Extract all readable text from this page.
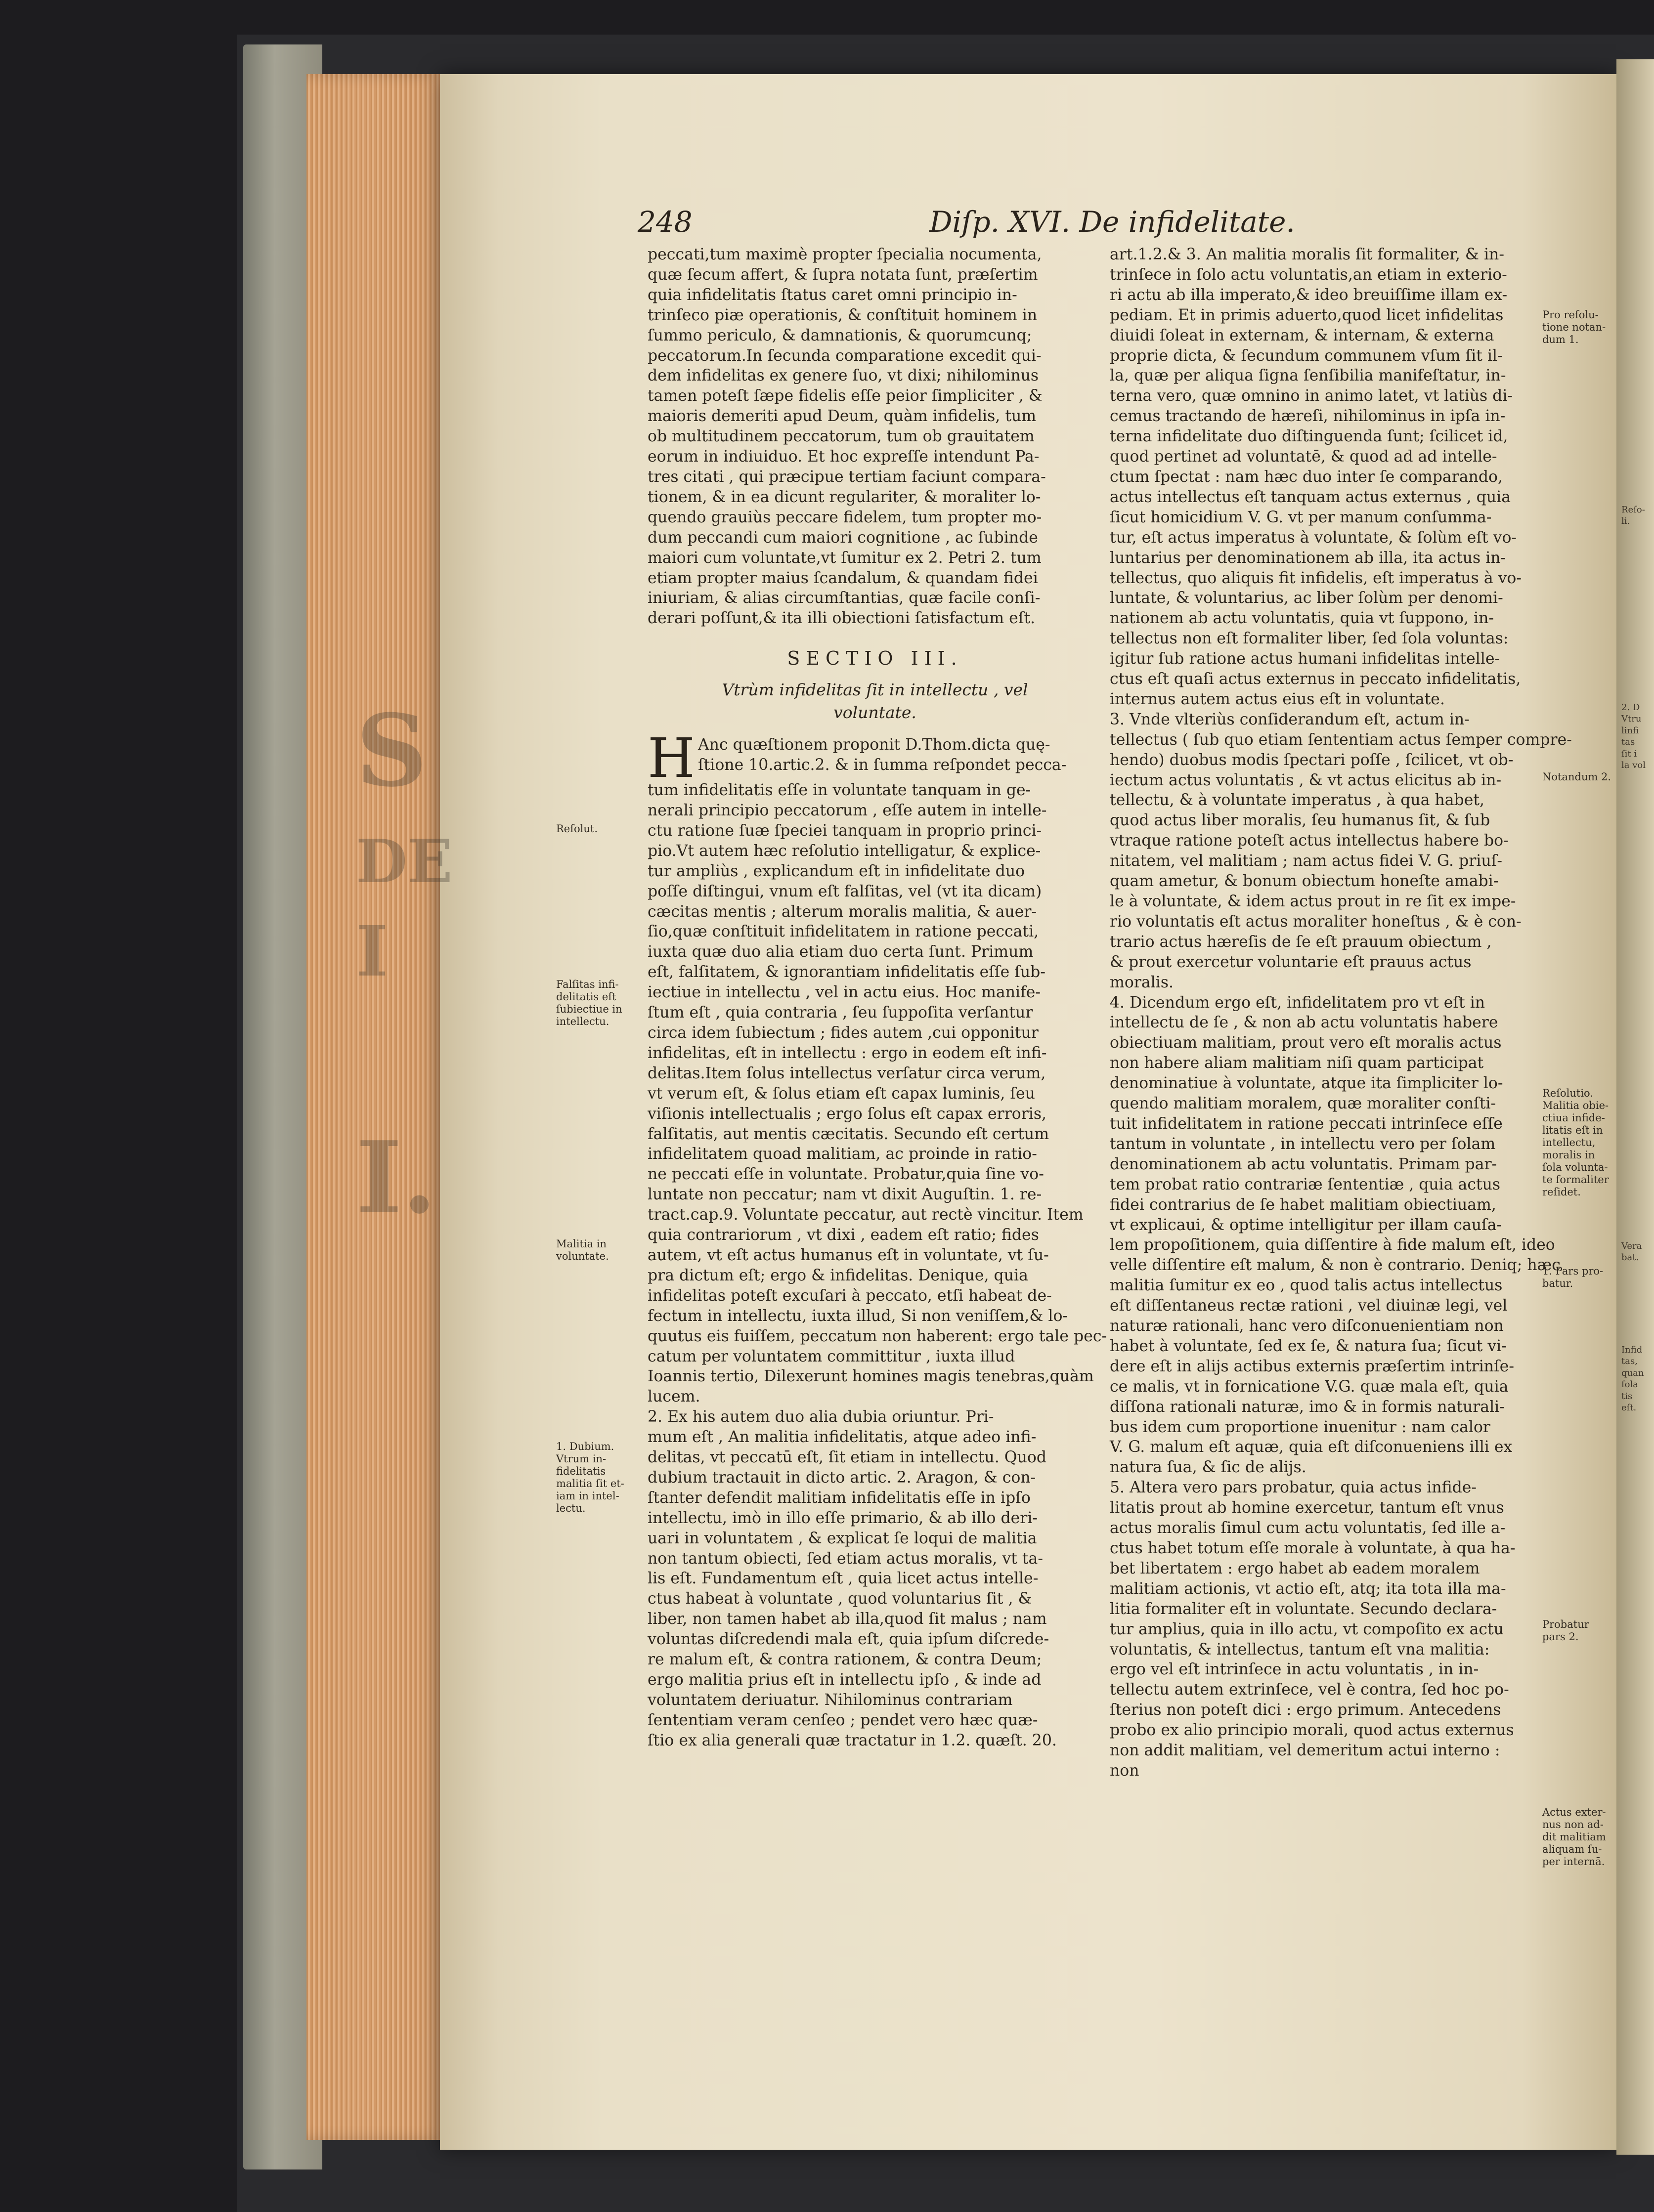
S
DE
I
I.
Reſo-
li.
2. D
Vtru
linfi
tas
ſit i
la vol
Vera
bat.
Infid
tas,
quan
ſola
tis
eſt.
248	Diſp. XVI. De infidelitate.
peccati,tum maximè propter ſpecialia nocumenta,
quæ ſecum affert, & ſupra notata ſunt, præſertim
quia infidelitatis ſtatus caret omni principio in-
trinſeco piæ operationis, & conſtituit hominem in
ſummo periculo, & damnationis, & quorumcunq;
peccatorum.In ſecunda comparatione excedit qui-
dem infidelitas ex genere ſuo, vt dixi; nihilominus
tamen poteſt ſæpe fidelis eſſe peior ſimpliciter , &
maioris demeriti apud Deum, quàm infidelis, tum
ob multitudinem peccatorum, tum ob grauitatem
eorum in indiuiduo. Et hoc expreſſe intendunt Pa-
tres citati , qui præcipue tertiam faciunt compara-
tionem, & in ea dicunt regulariter, & moraliter lo-
quendo grauiùs peccare fidelem, tum propter mo-
dum peccandi cum maiori cognitione , ac ſubinde
maiori cum voluntate,vt ſumitur ex 2. Petri 2. tum
etiam propter maius ſcandalum, & quandam fidei
iniuriam, & alias circumſtantias, quæ facile conſi-
derari poſſunt,& ita illi obiectioni ſatisfactum eſt.
SECTIO III.
Vtrùm infidelitas ſit in intellectu , vel
voluntate.
H Anc quæſtionem proponit D.Thom.dicta quę-
ſtione 10.artic.2. & in ſumma reſpondet pecca-
tum infidelitatis eſſe in voluntate tanquam in ge-
nerali principio peccatorum , eſſe autem in intelle-
ctu ratione ſuæ ſpeciei tanquam in proprio princi-
pio.Vt autem hæc reſolutio intelligatur, & explice-
tur ampliùs , explicandum eſt in infidelitate duo
poſſe diſtingui, vnum eſt falſitas, vel (vt ita dicam)
cæcitas mentis ; alterum moralis malitia, & auer-
ſio,quæ conſtituit infidelitatem in ratione peccati,
iuxta quæ duo alia etiam duo certa ſunt. Primum
eſt, falſitatem, & ignorantiam infidelitatis eſſe ſub-
iectiue in intellectu , vel in actu eius. Hoc manife-
ſtum eſt , quia contraria , ſeu ſuppoſita verſantur
circa idem ſubiectum ; fides autem ,cui opponitur
infidelitas, eſt in intellectu : ergo in eodem eſt infi-
delitas.Item ſolus intellectus verſatur circa verum,
vt verum eſt, & ſolus etiam eſt capax luminis, ſeu
viſionis intellectualis ; ergo ſolus eſt capax erroris,
falſitatis, aut mentis cæcitatis. Secundo eſt certum
infidelitatem quoad malitiam, ac proinde in ratio-
ne peccati eſſe in voluntate. Probatur,quia ſine vo-
luntate non peccatur; nam vt dixit Auguſtin. 1. re-
tract.cap.9. Voluntate peccatur, aut rectè vincitur. Item
quia contrariorum , vt dixi , eadem eſt ratio; fides
autem, vt eſt actus humanus eſt in voluntate, vt ſu-
pra dictum eſt; ergo & infidelitas. Denique, quia
infidelitas poteſt excuſari à peccato, etſi habeat de-
fectum in intellectu, iuxta illud, Si non veniſſem,& lo-
quutus eis fuiſſem, peccatum non haberent: ergo tale pec-
catum per voluntatem committitur , iuxta illud
Ioannis tertio, Dilexerunt homines magis tenebras,quàm
lucem.
2. Ex his autem duo alia dubia oriuntur. Pri-
mum eſt , An malitia infidelitatis, atque adeo infi-
delitas, vt peccatū eſt, ſit etiam in intellectu. Quod
dubium tractauit in dicto artic. 2. Aragon, & con-
ſtanter defendit malitiam infidelitatis eſſe in ipſo
intellectu, imò in illo eſſe primario, & ab illo deri-
uari in voluntatem , & explicat ſe loqui de malitia
non tantum obiecti, ſed etiam actus moralis, vt ta-
lis eſt. Fundamentum eſt , quia licet actus intelle-
ctus habeat à voluntate , quod voluntarius ſit , &
liber, non tamen habet ab illa,quod ſit malus ; nam
voluntas diſcredendi mala eſt, quia ipſum diſcrede-
re malum eſt, & contra rationem, & contra Deum;
ergo malitia prius eſt in intellectu ipſo , & inde ad
voluntatem deriuatur. Nihilominus contrariam
ſententiam veram cenſeo ; pendet vero hæc quæ-
ſtio ex alia generali quæ tractatur in 1.2. quæſt. 20.
art.1.2.& 3. An malitia moralis ſit formaliter, & in-
trinſece in ſolo actu voluntatis,an etiam in exterio-
ri actu ab illa imperato,& ideo breuiſſime illam ex-
pediam. Et in primis aduerto,quod licet infidelitas
diuidi ſoleat in externam, & internam, & externa
proprie dicta, & ſecundum communem vſum ſit il-
la, quæ per aliqua ſigna ſenſibilia manifeſtatur, in-
terna vero, quæ omnino in animo latet, vt latiùs di-
cemus tractando de hæreſi, nihilominus in ipſa in-
terna infidelitate duo diſtinguenda ſunt; ſcilicet id,
quod pertinet ad voluntatē, & quod ad ad intelle-
ctum ſpectat : nam hæc duo inter ſe comparando,
actus intellectus eſt tanquam actus externus , quia
ſicut homicidium V. G. vt per manum conſumma-
tur, eſt actus imperatus à voluntate, & ſolùm eſt vo-
luntarius per denominationem ab illa, ita actus in-
tellectus, quo aliquis fit infidelis, eſt imperatus à vo-
luntate, & voluntarius, ac liber ſolùm per denomi-
nationem ab actu voluntatis, quia vt ſuppono, in-
tellectus non eſt formaliter liber, ſed ſola voluntas:
igitur ſub ratione actus humani infidelitas intelle-
ctus eſt quaſi actus externus in peccato infidelitatis,
internus autem actus eius eſt in voluntate.
3. Vnde vlteriùs conſiderandum eſt, actum in-
tellectus ( ſub quo etiam ſententiam actus ſemper compre-
hendo) duobus modis ſpectari poſſe , ſcilicet, vt ob-
iectum actus voluntatis , & vt actus elicitus ab in-
tellectu, & à voluntate imperatus , à qua habet,
quod actus liber moralis, ſeu humanus ſit, & ſub
vtraque ratione poteſt actus intellectus habere bo-
nitatem, vel malitiam ; nam actus fidei V. G. priuſ-
quam ametur, & bonum obiectum honeſte amabi-
le à voluntate, & idem actus prout in re ſit ex impe-
rio voluntatis eſt actus moraliter honeſtus , & è con-
trario actus hæreſis de ſe eſt prauum obiectum ,
& prout exercetur voluntarie eſt prauus actus
moralis.
4. Dicendum ergo eſt, infidelitatem pro vt eſt in
intellectu de ſe , & non ab actu voluntatis habere
obiectiuam malitiam, prout vero eſt moralis actus
non habere aliam malitiam niſi quam participat
denominatiue à voluntate, atque ita ſimpliciter lo-
quendo malitiam moralem, quæ moraliter conſti-
tuit infidelitatem in ratione peccati intrinſece eſſe
tantum in voluntate , in intellectu vero per ſolam
denominationem ab actu voluntatis. Primam par-
tem probat ratio contrariæ ſententiæ , quia actus
fidei contrarius de ſe habet malitiam obiectiuam,
vt explicaui, & optime intelligitur per illam cauſa-
lem propoſitionem, quia diſſentire à fide malum eſt, ideo
velle diſſentire eſt malum, & non è contrario. Deniq; hæc
malitia ſumitur ex eo , quod talis actus intellectus
eſt diſſentaneus rectæ rationi , vel diuinæ legi, vel
naturæ rationali, hanc vero diſconuenientiam non
habet à voluntate, ſed ex ſe, & natura ſua; ſicut vi-
dere eſt in alijs actibus externis præſertim intrinſe-
ce malis, vt in fornicatione V.G. quæ mala eſt, quia
diſſona rationali naturæ, imo & in formis naturali-
bus idem cum proportione inuenitur : nam calor
V. G. malum eſt aquæ, quia eſt diſconueniens illi ex
natura ſua, & ſic de alijs.
5. Altera vero pars probatur, quia actus infide-
litatis prout ab homine exercetur, tantum eſt vnus
actus moralis ſimul cum actu voluntatis, ſed ille a-
ctus habet totum eſſe morale à voluntate, à qua ha-
bet libertatem : ergo habet ab eadem moralem
malitiam actionis, vt actio eſt, atq; ita tota illa ma-
litia formaliter eſt in voluntate. Secundo declara-
tur amplius, quia in illo actu, vt compoſito ex actu
voluntatis, & intellectus, tantum eſt vna malitia:
ergo vel eſt intrinſece in actu voluntatis , in in-
tellectu autem extrinſece, vel è contra, ſed hoc po-
ſterius non poteſt dici : ergo primum. Antecedens
probo ex alio principio morali, quod actus externus
non addit malitiam, vel demeritum actui interno :
non
Reſolut.
Falſitas infi-
delitatis eſt
ſubiectiue in
intellectu.
Malitia in
voluntate.
1. Dubium.
Vtrum in-
fidelitatis
malitia ſit et-
iam in intel-
lectu.
Pro reſolu-
tione notan-
dum 1.
Notandum 2.
Reſolutio.
Malitia obie-
ctiua infide-
litatis eſt in
intellectu,
moralis in
ſola volunta-
te formaliter
reſidet.
1. Pars pro-
batur.
Probatur
pars 2.
Actus exter-
nus non ad-
dit malitiam
aliquam ſu-
per internā.
